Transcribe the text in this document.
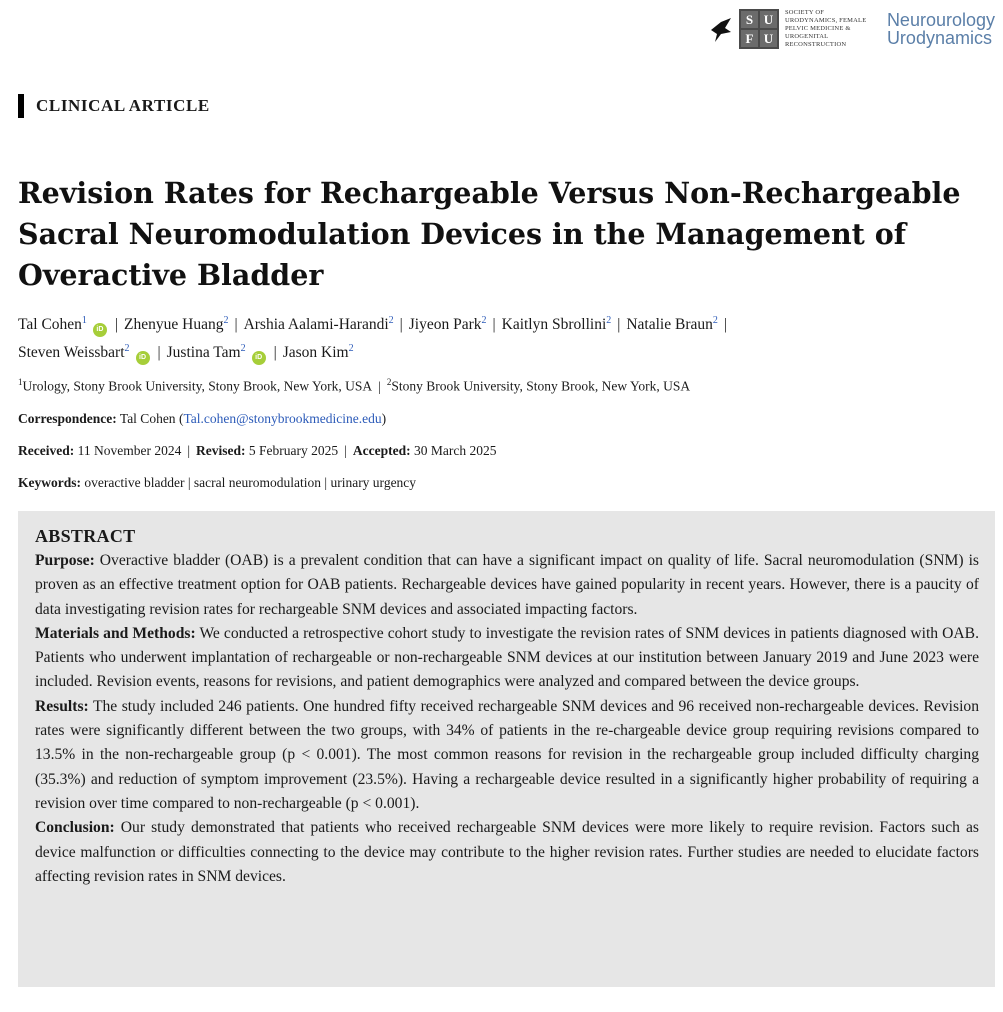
S U
F U
SOCIETY OF URODYNAMICS, FEMALE PELVIC MEDICINE & UROGENITAL RECONSTRUCTION
Neurourology
Urodynamics
CLINICAL ARTICLE
Revision Rates for Rechargeable Versus Non-Rechargeable Sacral Neuromodulation Devices in the Management of Overactive Bladder
Tal Cohen$^1$iD | Zhenyue Huang$^2$ | Arshia Aalami-Harandi$^2$ | Jiyeon Park$^2$ | Kaitlyn Sbrollini$^2$ | Natalie Braun$^2$ |
Steven Weissbart$^2$iD | Justina Tam$^2$iD | Jason Kim$^2$
$^1$Urology, Stony Brook University, Stony Brook, New York, USA | $^2$Stony Brook University, Stony Brook, New York, USA
Correspondence: Tal Cohen (Tal.cohen@stonybrookmedicine.edu)
Received: 11 November 2024 | Revised: 5 February 2025 | Accepted: 30 March 2025
Keywords: overactive bladder | sacral neuromodulation | urinary urgency
ABSTRACT

Purpose: Overactive bladder (OAB) is a prevalent condition that can have a significant impact on quality of life. Sacral neuromodulation (SNM) is proven as an effective treatment option for OAB patients. Rechargeable devices have gained popularity in recent years. However, there is a paucity of data investigating revision rates for rechargeable SNM devices and associated impacting factors.

Materials and Methods: We conducted a retrospective cohort study to investigate the revision rates of SNM devices in patients diagnosed with OAB. Patients who underwent implantation of rechargeable or non-rechargeable SNM devices at our institution between January 2019 and June 2023 were included. Revision events, reasons for revisions, and patient demographics were analyzed and compared between the device groups.

Results: The study included 246 patients. One hundred fifty received rechargeable SNM devices and 96 received non-rechargeable devices. Revision rates were significantly different between the two groups, with 34% of patients in the re-chargeable device group requiring revisions compared to 13.5% in the non-rechargeable group (p < 0.001). The most common reasons for revision in the rechargeable group included difficulty charging (35.3%) and reduction of symptom improvement (23.5%). Having a rechargeable device resulted in a significantly higher probability of requiring a revision over time compared to non-rechargeable (p < 0.001).

Conclusion: Our study demonstrated that patients who received rechargeable SNM devices were more likely to require revision. Factors such as device malfunction or difficulties connecting to the device may contribute to the higher revision rates. Further studies are needed to elucidate factors affecting revision rates in SNM devices.
